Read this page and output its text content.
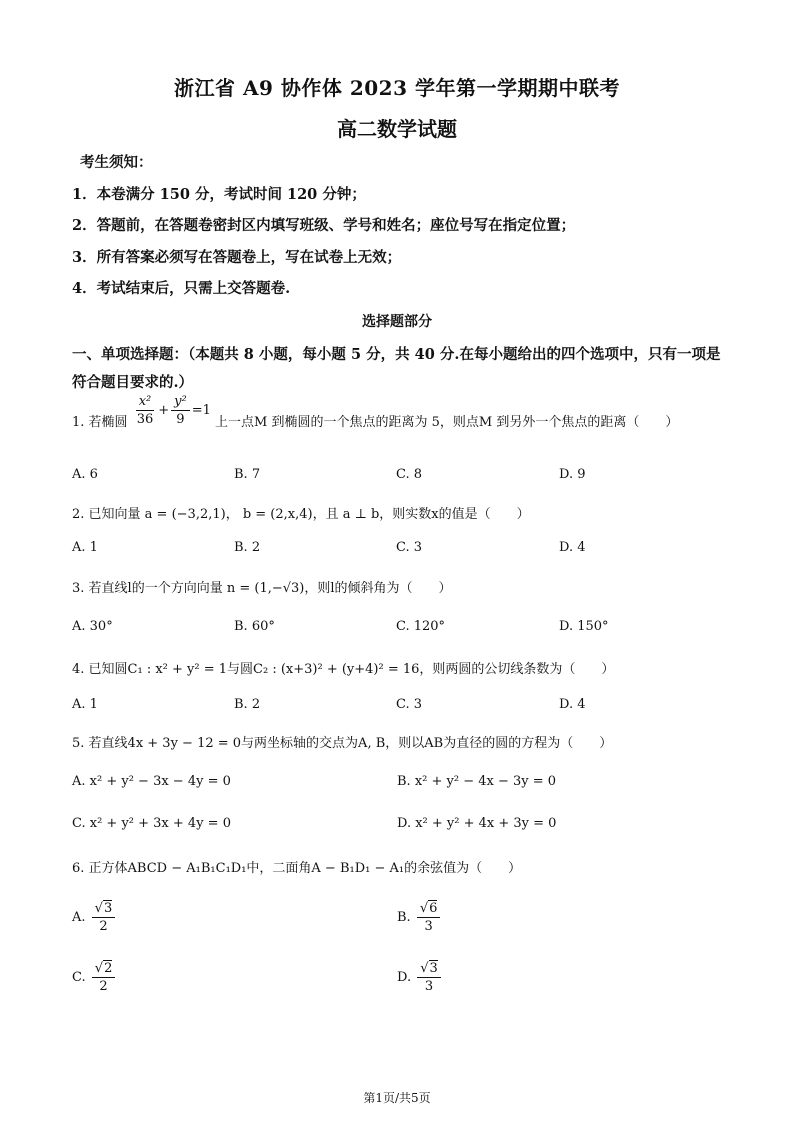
浙江省 A9 协作体 2023 学年第一学期期中联考
高二数学试题
考生须知：
1．本卷满分 150 分，考试时间 120 分钟；
2．答题前，在答题卷密封区内填写班级、学号和姓名；座位号写在指定位置；
3．所有答案必须写在答题卷上，写在试卷上无效；
4．考试结束后，只需上交答题卷.
选择题部分
一、单项选择题：（本题共 8 小题，每小题 5 分，共 40 分.在每小题给出的四个选项中，只有一项是符合题目要求的.）
1. 若椭圆 $\frac{\text{x²}}{36} + \frac{\text{y²}}{9} =1$ 上一点M 到椭圆的一个焦点的距离为 5，则点M 到另外一个焦点的距离（　　）
A. 6	B. 7	C. 8	D. 9
2. 已知向量 a = (−3,2,1)， b = (2,x,4)，且 a ⊥ b，则实数x的值是（　　）
A. 1	B. 2	C. 3	D. 4
3. 若直线l的一个方向向量 n = (1,−√3)，则l的倾斜角为（　　）
A. 30°	B. 60°	C. 120°	D. 150°
4. 已知圆C₁ : x² + y² = 1与圆C₂ : (x+3)² + (y+4)² = 16，则两圆的公切线条数为（　　）
A. 1	B. 2	C. 3	D. 4
5. 若直线4x + 3y − 12 = 0与两坐标轴的交点为A, B，则以AB为直径的圆的方程为（　　）
A. x² + y² − 3x − 4y = 0	B. x² + y² − 4x − 3y = 0
C. x² + y² + 3x + 4y = 0	D. x² + y² + 4x + 3y = 0
6. 正方体ABCD − A₁B₁C₁D₁中，二面角A − B₁D₁ − A₁的余弦值为（　　）
A. $\frac{√3}{2}$	B. $\frac{√6}{3}$
C. $\frac{√2}{2}$	D. $\frac{√3}{3}$
第1页/共5页
